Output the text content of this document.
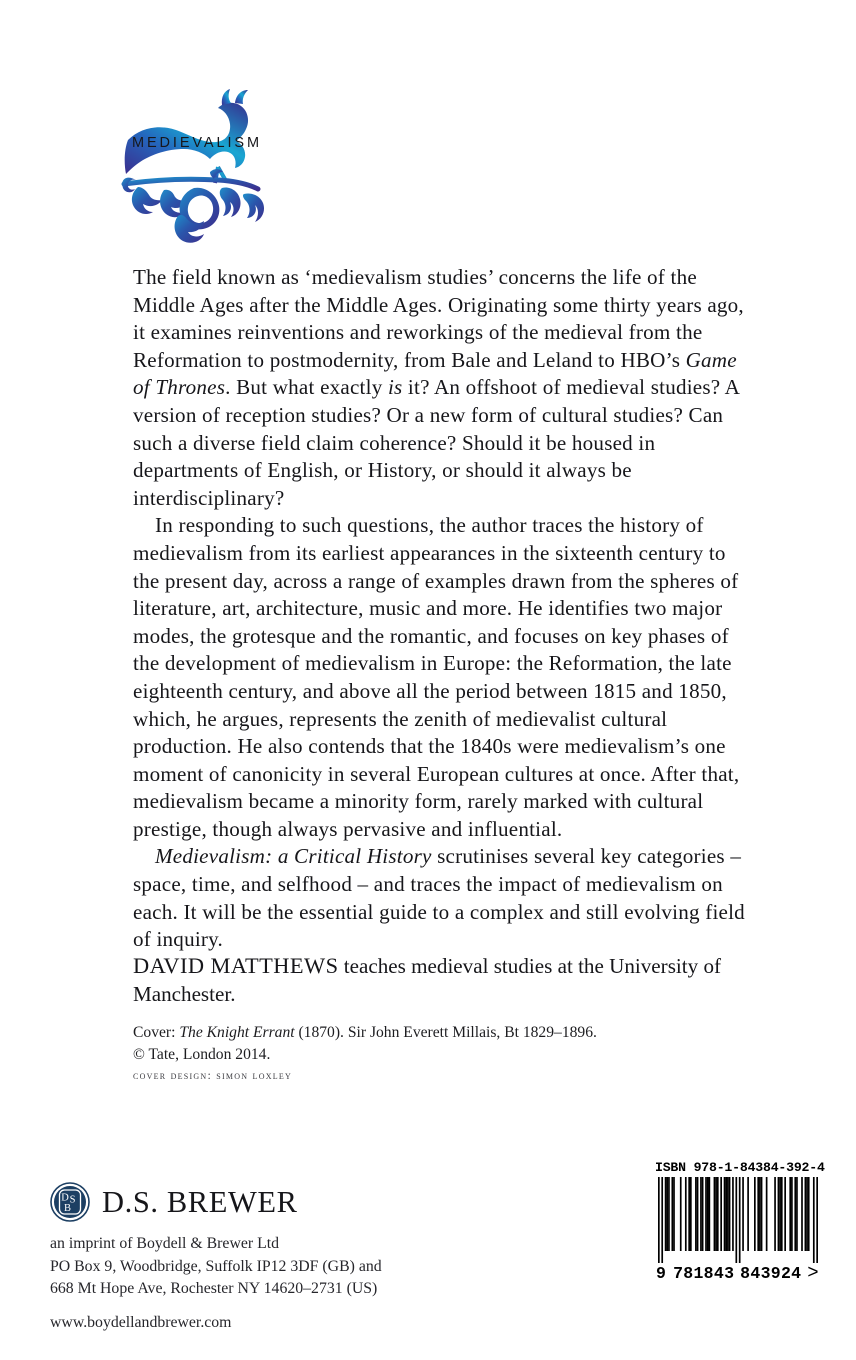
MEDIEVALISM

The field known as ‘medievalism studies’ concerns the life of the Middle Ages after the Middle Ages. Originating some thirty years ago, it examines reinventions and reworkings of the medieval from the Reformation to postmodernity, from Bale and Leland to HBO’s Game of Thrones. But what exactly is it? An offshoot of medieval studies? A version of reception studies? Or a new form of cultural studies? Can such a diverse field claim coherence? Should it be housed in departments of English, or History, or should it always be interdisciplinary?

In responding to such questions, the author traces the history of medievalism from its earliest appearances in the sixteenth century to the present day, across a range of examples drawn from the spheres of literature, art, architecture, music and more. He identifies two major modes, the grotesque and the romantic, and focuses on key phases of the development of medievalism in Europe: the Reformation, the late eighteenth century, and above all the period between 1815 and 1850, which, he argues, represents the zenith of medievalist cultural production. He also contends that the 1840s were medievalism’s one moment of canonicity in several European cultures at once. After that, medievalism became a minority form, rarely marked with cultural prestige, though always pervasive and influential.

Medievalism: a Critical History scrutinises several key categories – space, time, and selfhood – and traces the impact of medievalism on each. It will be the essential guide to a complex and still evolving field of inquiry.

DAVID MATTHEWS teaches medieval studies at the University of Manchester.
Cover: The Knight Errant (1870). Sir John Everett Millais, Bt 1829–1896.
© Tate, London 2014.
cover design: simon loxley
D S
B D.S. BREWER
an imprint of Boydell & Brewer Ltd
PO Box 9, Woodbridge, Suffolk IP12 3DF (GB) and
668 Mt Hope Ave, Rochester NY 14620–2731 (US)
www.boydellandbrewer.com
ISBN 978-1-84384-392-4
9 781843 843924 >
